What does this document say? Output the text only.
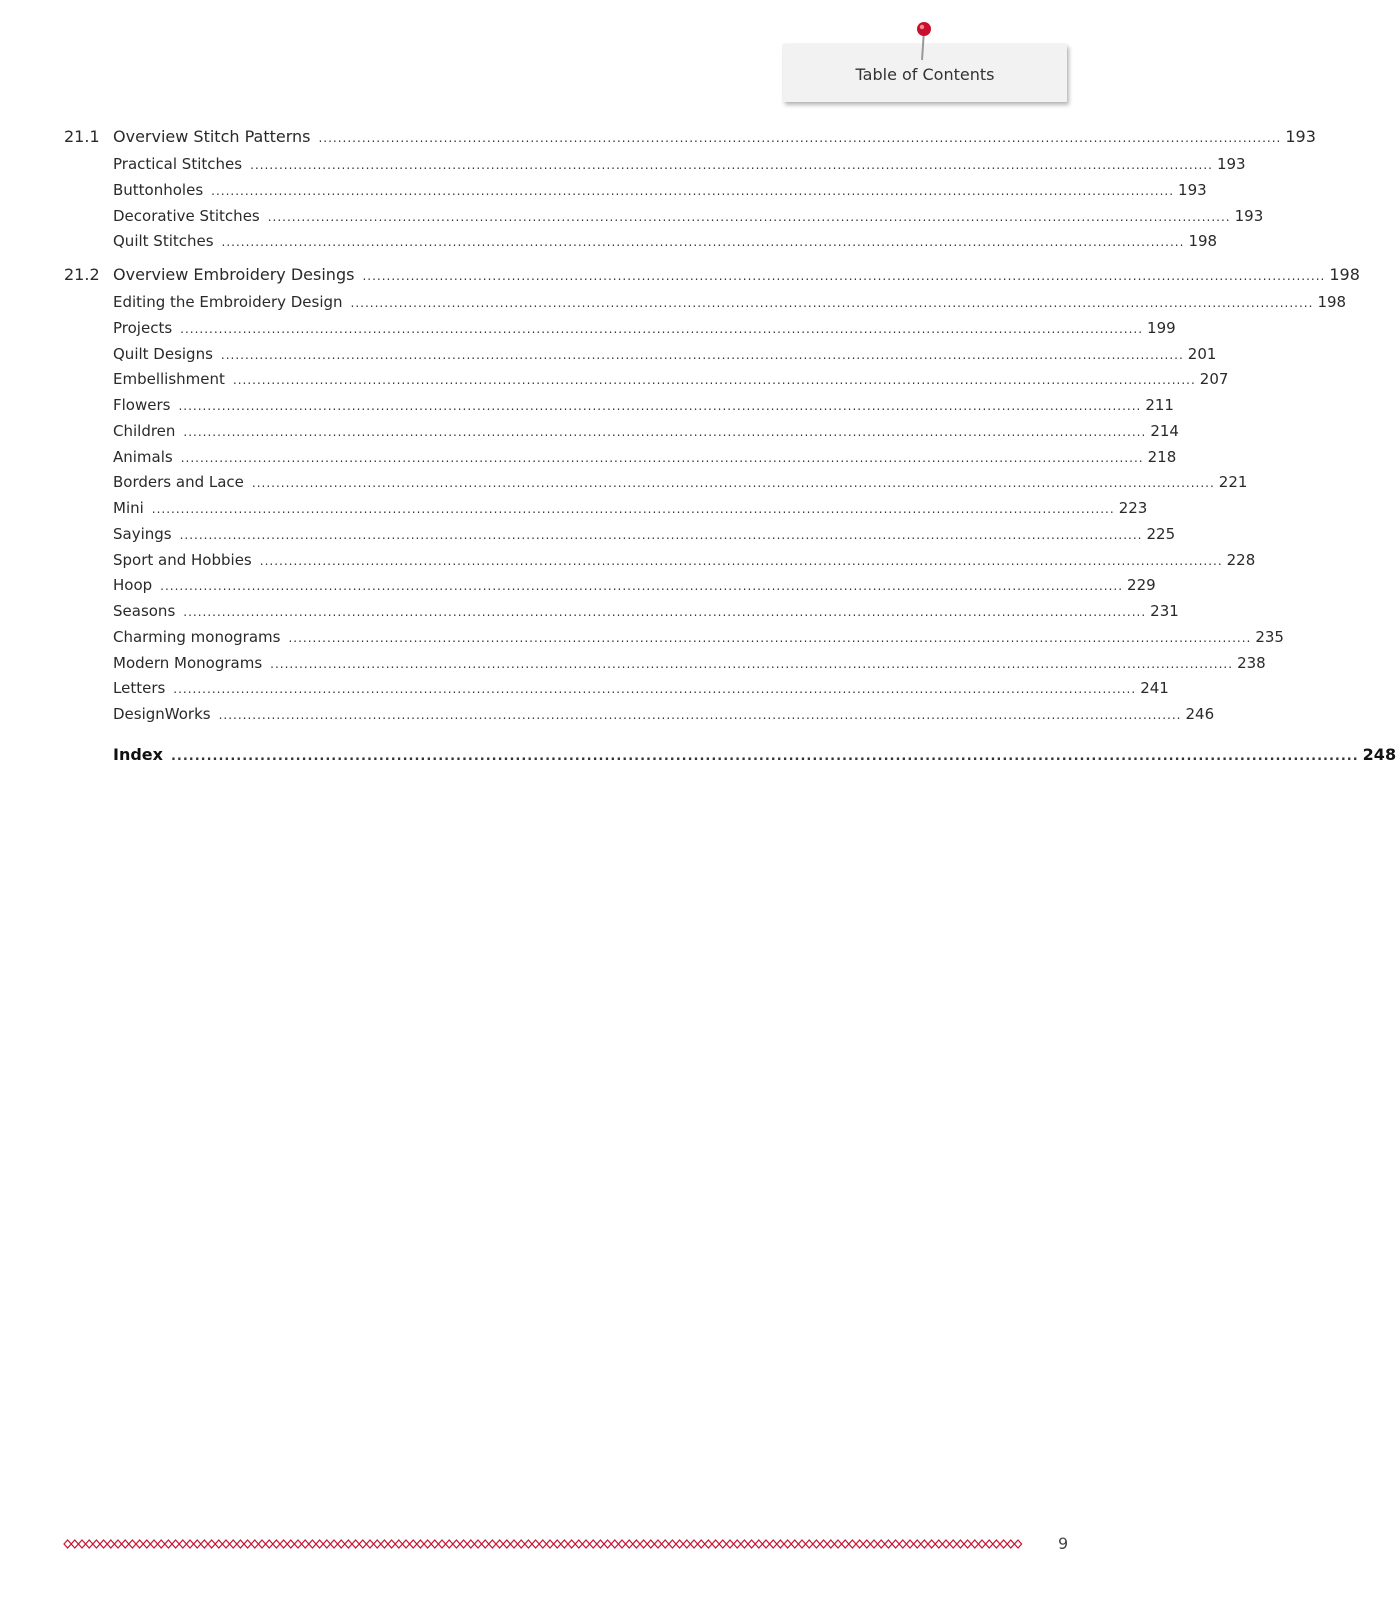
Table of Contents
21.1 Overview Stitch Patterns ........................................................................................................................................................................................................ 193
Practical Stitches ........................................................................................................................................................................................................ 193
Buttonholes ........................................................................................................................................................................................................ 193
Decorative Stitches ........................................................................................................................................................................................................ 193
Quilt Stitches ........................................................................................................................................................................................................ 198
21.2 Overview Embroidery Desings ........................................................................................................................................................................................................ 198
Editing the Embroidery Design ........................................................................................................................................................................................................ 198
Projects ........................................................................................................................................................................................................ 199
Quilt Designs ........................................................................................................................................................................................................ 201
Embellishment ........................................................................................................................................................................................................ 207
Flowers ........................................................................................................................................................................................................ 211
Children ........................................................................................................................................................................................................ 214
Animals ........................................................................................................................................................................................................ 218
Borders and Lace ........................................................................................................................................................................................................ 221
Mini ........................................................................................................................................................................................................ 223
Sayings ........................................................................................................................................................................................................ 225
Sport and Hobbies ........................................................................................................................................................................................................ 228
Hoop ........................................................................................................................................................................................................ 229
Seasons ........................................................................................................................................................................................................ 231
Charming monograms ........................................................................................................................................................................................................ 235
Modern Monograms ........................................................................................................................................................................................................ 238
Letters ........................................................................................................................................................................................................ 241
DesignWorks ........................................................................................................................................................................................................ 246
Index ........................................................................................................................................................................................................ 248
9
